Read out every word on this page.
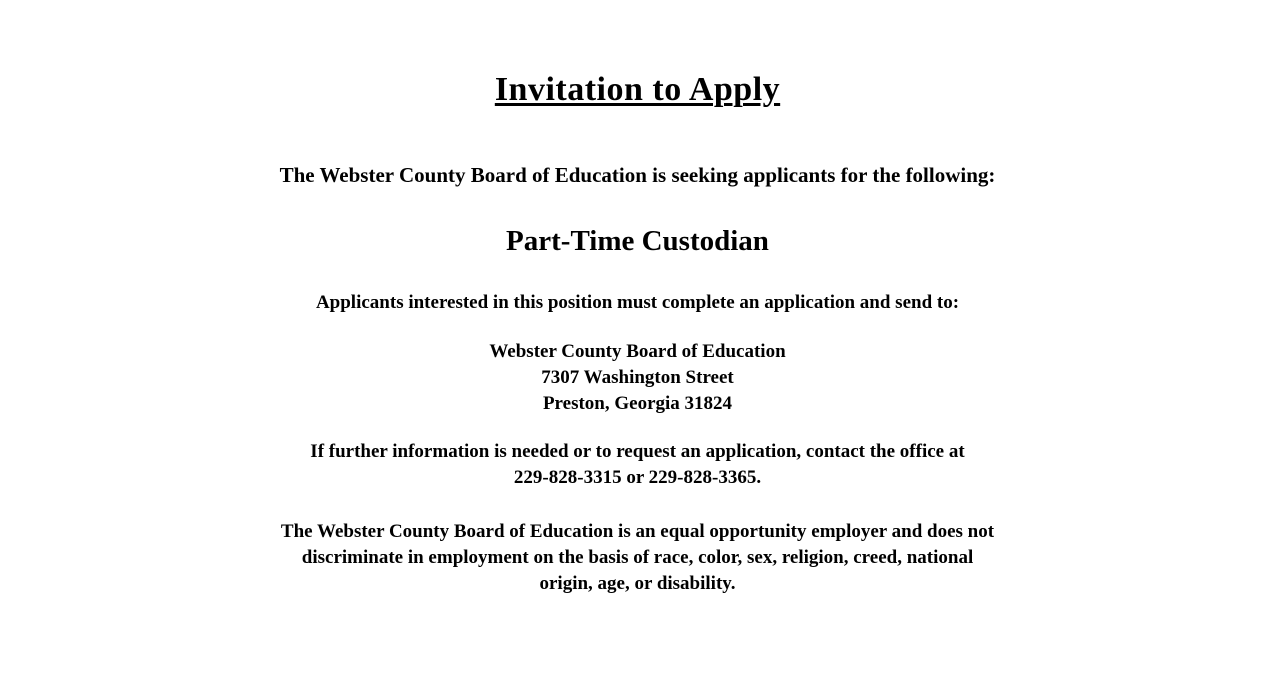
Invitation to Apply

The Webster County Board of Education is seeking applicants for the following:

Part-Time Custodian

Applicants interested in this position must complete an application and send to:

Webster County Board of Education
7307 Washington Street
Preston, Georgia 31824
If further information is needed or to request an application, contact the office at
229-828-3315 or 229-828-3365.
The Webster County Board of Education is an equal opportunity employer and does not
discriminate in employment on the basis of race, color, sex, religion, creed, national
origin, age, or disability.
